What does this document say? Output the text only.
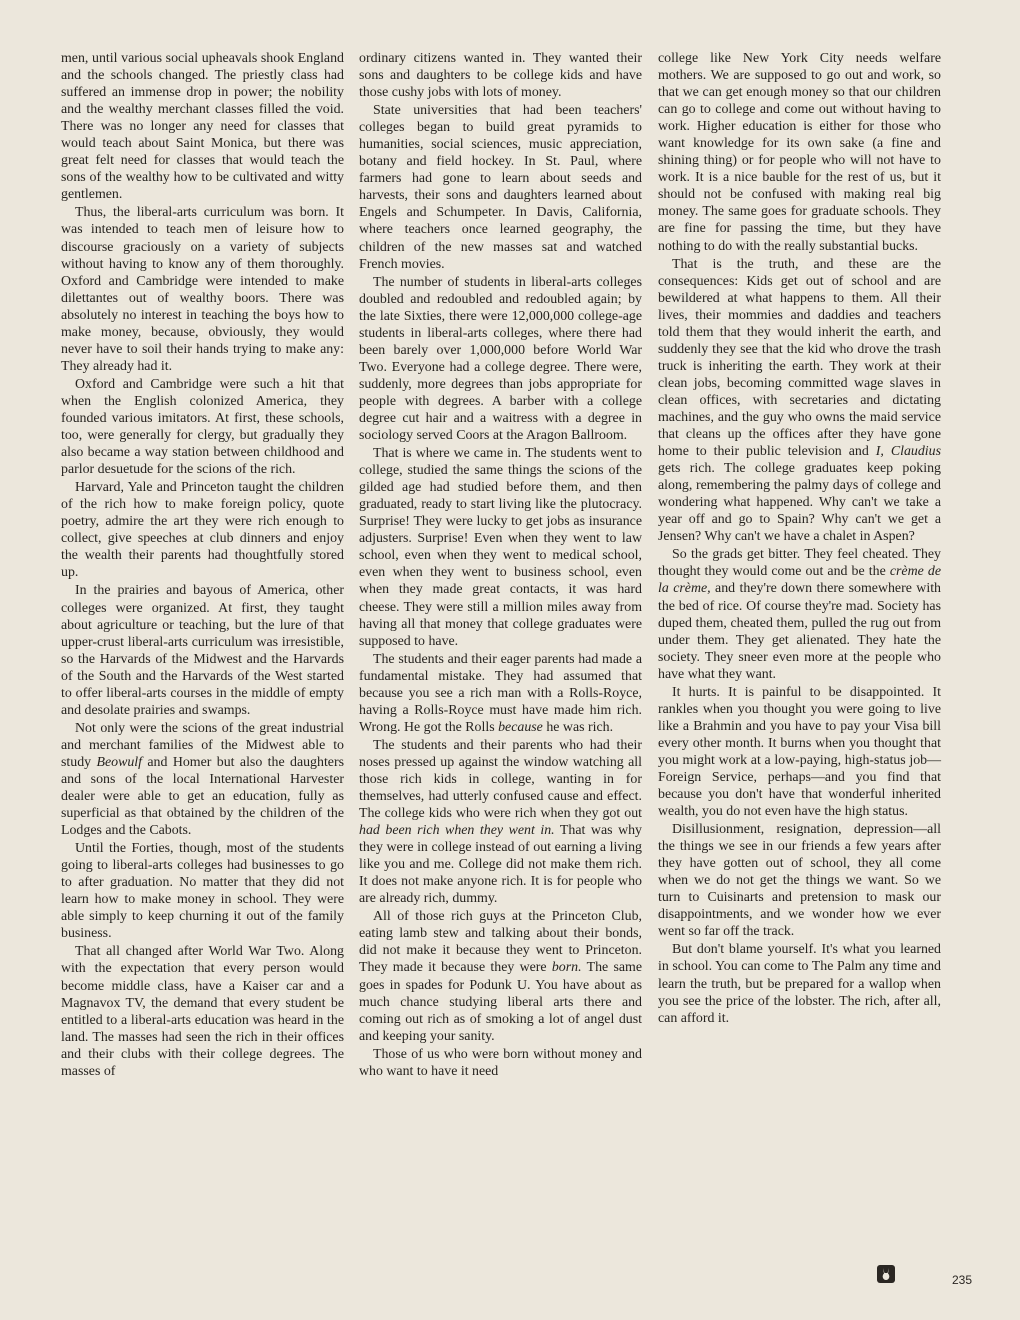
men, until various social upheavals shook England and the schools changed. The priestly class had suffered an immense drop in power; the nobility and the wealthy merchant classes filled the void. There was no longer any need for classes that would teach about Saint Monica, but there was great felt need for classes that would teach the sons of the wealthy how to be cultivated and witty gentlemen.

Thus, the liberal-arts curriculum was born. It was intended to teach men of leisure how to discourse graciously on a variety of subjects without having to know any of them thoroughly. Oxford and Cambridge were intended to make dilettantes out of wealthy boors. There was absolutely no interest in teaching the boys how to make money, because, obviously, they would never have to soil their hands trying to make any: They already had it.

Oxford and Cambridge were such a hit that when the English colonized America, they founded various imitators. At first, these schools, too, were generally for clergy, but gradually they also became a way station between childhood and parlor desuetude for the scions of the rich.

Harvard, Yale and Princeton taught the children of the rich how to make foreign policy, quote poetry, admire the art they were rich enough to collect, give speeches at club dinners and enjoy the wealth their parents had thoughtfully stored up.

In the prairies and bayous of America, other colleges were organized. At first, they taught about agriculture or teaching, but the lure of that upper-crust liberal-arts curriculum was irresistible, so the Harvards of the Midwest and the Harvards of the South and the Harvards of the West started to offer liberal-arts courses in the middle of empty and desolate prairies and swamps.

Not only were the scions of the great industrial and merchant families of the Midwest able to study Beowulf and Homer but also the daughters and sons of the local International Harvester dealer were able to get an education, fully as superficial as that obtained by the children of the Lodges and the Cabots.

Until the Forties, though, most of the students going to liberal-arts colleges had businesses to go to after graduation. No matter that they did not learn how to make money in school. They were able simply to keep churning it out of the family business.

That all changed after World War Two. Along with the expectation that every person would become middle class, have a Kaiser car and a Magnavox TV, the demand that every student be entitled to a liberal-arts education was heard in the land. The masses had seen the rich in their offices and their clubs with their college degrees. The masses of

ordinary citizens wanted in. They wanted their sons and daughters to be college kids and have those cushy jobs with lots of money.

State universities that had been teachers' colleges began to build great pyramids to humanities, social sciences, music appreciation, botany and field hockey. In St. Paul, where farmers had gone to learn about seeds and harvests, their sons and daughters learned about Engels and Schumpeter. In Davis, California, where teachers once learned geography, the children of the new masses sat and watched French movies.

The number of students in liberal-arts colleges doubled and redoubled and redoubled again; by the late Sixties, there were 12,000,000 college-age students in liberal-arts colleges, where there had been barely over 1,000,000 before World War Two. Everyone had a college degree. There were, suddenly, more degrees than jobs appropriate for people with degrees. A barber with a college degree cut hair and a waitress with a degree in sociology served Coors at the Aragon Ballroom.

That is where we came in. The students went to college, studied the same things the scions of the gilded age had studied before them, and then graduated, ready to start living like the plutocracy. Surprise! They were lucky to get jobs as insurance adjusters. Surprise! Even when they went to law school, even when they went to medical school, even when they went to business school, even when they made great contacts, it was hard cheese. They were still a million miles away from having all that money that college graduates were supposed to have.

The students and their eager parents had made a fundamental mistake. They had assumed that because you see a rich man with a Rolls-Royce, having a Rolls-Royce must have made him rich. Wrong. He got the Rolls because he was rich.

The students and their parents who had their noses pressed up against the window watching all those rich kids in college, wanting in for themselves, had utterly confused cause and effect. The college kids who were rich when they got out had been rich when they went in. That was why they were in college instead of out earning a living like you and me. College did not make them rich. It does not make anyone rich. It is for people who are already rich, dummy.

All of those rich guys at the Princeton Club, eating lamb stew and talking about their bonds, did not make it because they went to Princeton. They made it because they were born. The same goes in spades for Podunk U. You have about as much chance studying liberal arts there and coming out rich as of smoking a lot of angel dust and keeping your sanity.

Those of us who were born without money and who want to have it need

college like New York City needs welfare mothers. We are supposed to go out and work, so that we can get enough money so that our children can go to college and come out without having to work. Higher education is either for those who want knowledge for its own sake (a fine and shining thing) or for people who will not have to work. It is a nice bauble for the rest of us, but it should not be confused with making real big money. The same goes for graduate schools. They are fine for passing the time, but they have nothing to do with the really substantial bucks.

That is the truth, and these are the consequences: Kids get out of school and are bewildered at what happens to them. All their lives, their mommies and daddies and teachers told them that they would inherit the earth, and suddenly they see that the kid who drove the trash truck is inheriting the earth. They work at their clean jobs, becoming committed wage slaves in clean offices, with secretaries and dictating machines, and the guy who owns the maid service that cleans up the offices after they have gone home to their public television and I, Claudius gets rich. The college graduates keep poking along, remembering the palmy days of college and wondering what happened. Why can't we take a year off and go to Spain? Why can't we get a Jensen? Why can't we have a chalet in Aspen?

So the grads get bitter. They feel cheated. They thought they would come out and be the crème de la crème, and they're down there somewhere with the bed of rice. Of course they're mad. Society has duped them, cheated them, pulled the rug out from under them. They get alienated. They hate the society. They sneer even more at the people who have what they want.

It hurts. It is painful to be disappointed. It rankles when you thought you were going to live like a Brahmin and you have to pay your Visa bill every other month. It burns when you thought that you might work at a low-paying, high-status job—Foreign Service, perhaps—and you find that because you don't have that wonderful inherited wealth, you do not even have the high status.

Disillusionment, resignation, depression—all the things we see in our friends a few years after they have gotten out of school, they all come when we do not get the things we want. So we turn to Cuisinarts and pretension to mask our disappointments, and we wonder how we ever went so far off the track.

But don't blame yourself. It's what you learned in school. You can come to The Palm any time and learn the truth, but be prepared for a wallop when you see the price of the lobster. The rich, after all, can afford it.

235
